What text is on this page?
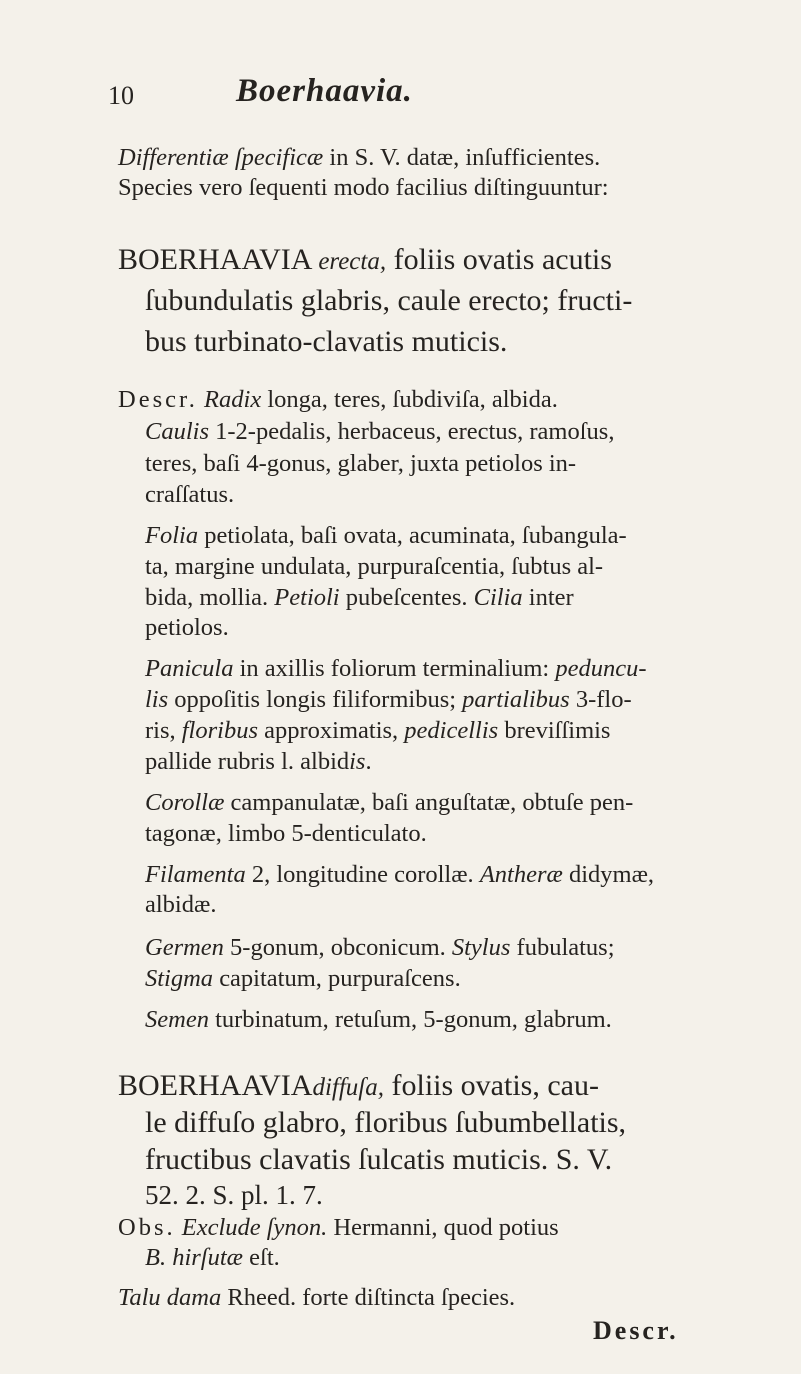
10	Boerhaavia.
Differentiæ ſpecificæ in S. V. datæ, inſufficientes.
Species vero ſequenti modo facilius diſtinguuntur:
BOERHAAVIA erecta, foliis ovatis acutis
ſubundulatis glabris, caule erecto; fructi-
bus turbinato-clavatis muticis.
Descr. Radix longa, teres, ſubdiviſa, albida.
Caulis 1-2-pedalis, herbaceus, erectus, ramoſus,
teres, baſi 4-gonus, glaber, juxta petiolos in-
craſſatus.
Folia petiolata, baſi ovata, acuminata, ſubangula-
ta, margine undulata, purpuraſcentia, ſubtus al-
bida, mollia. Petioli pubeſcentes. Cilia inter
petiolos.
Panicula in axillis foliorum terminalium: peduncu-
lis oppoſitis longis filiformibus; partialibus 3-flo-
ris, floribus approximatis, pedicellis breviſſimis
pallide rubris l. albidis.
Corollæ campanulatæ, baſi anguſtatæ, obtuſe pen-
tagonæ, limbo 5-denticulato.
Filamenta 2, longitudine corollæ. Antheræ didymæ,
albidæ.
Germen 5-gonum, obconicum. Stylus fubulatus;
Stigma capitatum, purpuraſcens.
Semen turbinatum, retuſum, 5-gonum, glabrum.
BOERHAAVIAdiffuſa, foliis ovatis, cau-
le diffuſo glabro, floribus ſubumbellatis,
fructibus clavatis ſulcatis muticis. S. V.
52. 2. S. pl. 1. 7.
Obs. Exclude ſynon. Hermanni, quod potius
B. hirſutæ eſt.
Talu dama Rheed. forte diſtincta ſpecies.
Descr.
